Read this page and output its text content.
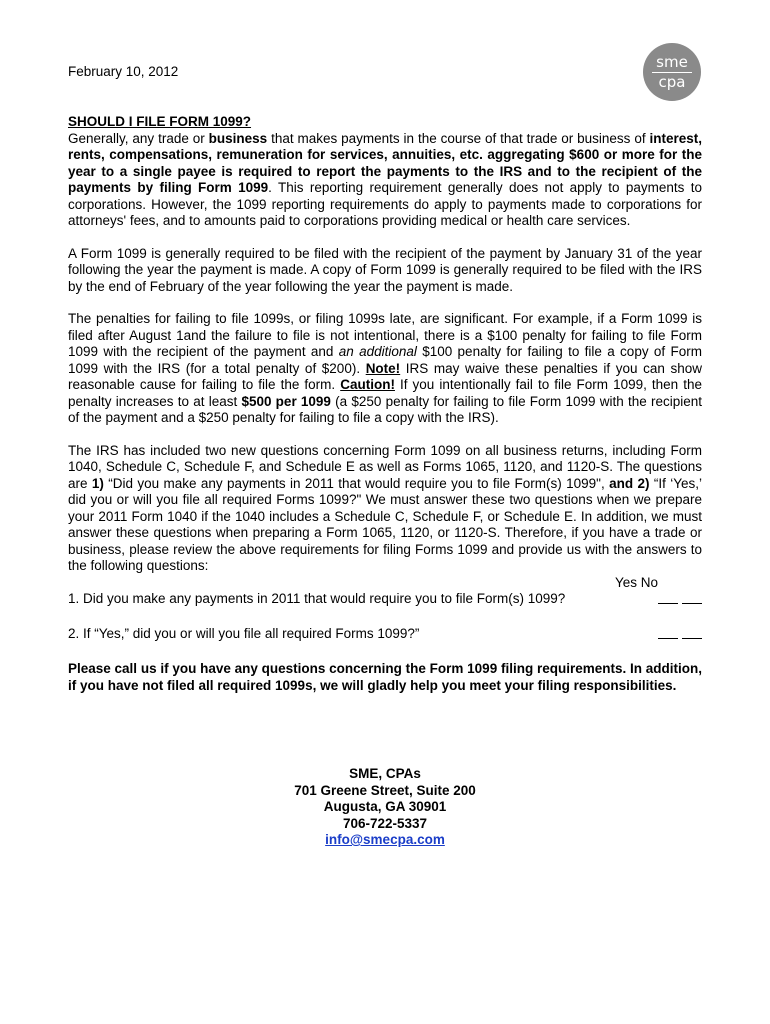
February 10, 2012
sme
cpa

SHOULD I FILE FORM 1099?
Generally, any trade or business that makes payments in the course of that trade or business of interest, rents, compensations, remuneration for services, annuities, etc. aggregating $600 or more for the year to a single payee is required to report the payments to the IRS and to the recipient of the payments by filing Form 1099. This reporting requirement generally does not apply to payments to corporations. However, the 1099 reporting requirements do apply to payments made to corporations for attorneys' fees, and to amounts paid to corporations providing medical or health care services.

A Form 1099 is generally required to be filed with the recipient of the payment by January 31 of the year following the year the payment is made. A copy of Form 1099 is generally required to be filed with the IRS by the end of February of the year following the year the payment is made.

The penalties for failing to file 1099s, or filing 1099s late, are significant. For example, if a Form 1099 is filed after August 1and the failure to file is not intentional, there is a $100 penalty for failing to file Form 1099 with the recipient of the payment and an additional $100 penalty for failing to file a copy of Form 1099 with the IRS (for a total penalty of $200). Note! IRS may waive these penalties if you can show reasonable cause for failing to file the form. Caution! If you intentionally fail to file Form 1099, then the penalty increases to at least $500 per 1099 (a $250 penalty for failing to file Form 1099 with the recipient of the payment and a $250 penalty for failing to file a copy with the IRS).

The IRS has included two new questions concerning Form 1099 on all business returns, including Form 1040, Schedule C, Schedule F, and Schedule E as well as Forms 1065, 1120, and 1120-S. The questions are 1) “Did you make any payments in 2011 that would require you to file Form(s) 1099", and 2) “If ‘Yes,’ did you or will you file all required Forms 1099?" We must answer these two questions when we prepare your 2011 Form 1040 if the 1040 includes a Schedule C, Schedule F, or Schedule E. In addition, we must answer these questions when preparing a Form 1065, 1120, or 1120-S. Therefore, if you have a trade or business, please review the above requirements for filing Forms 1099 and provide us with the answers to the following questions:

Yes No
1. Did you make any payments in 2011 that would require you to file Form(s) 1099?
2. If “Yes,” did you or will you file all required Forms 1099?”
Please call us if you have any questions concerning the Form 1099 filing requirements. In addition, if you have not filed all required 1099s, we will gladly help you meet your filing responsibilities.
SME, CPAs
701 Greene Street, Suite 200
Augusta, GA 30901
706-722-5337
info@smecpa.com
